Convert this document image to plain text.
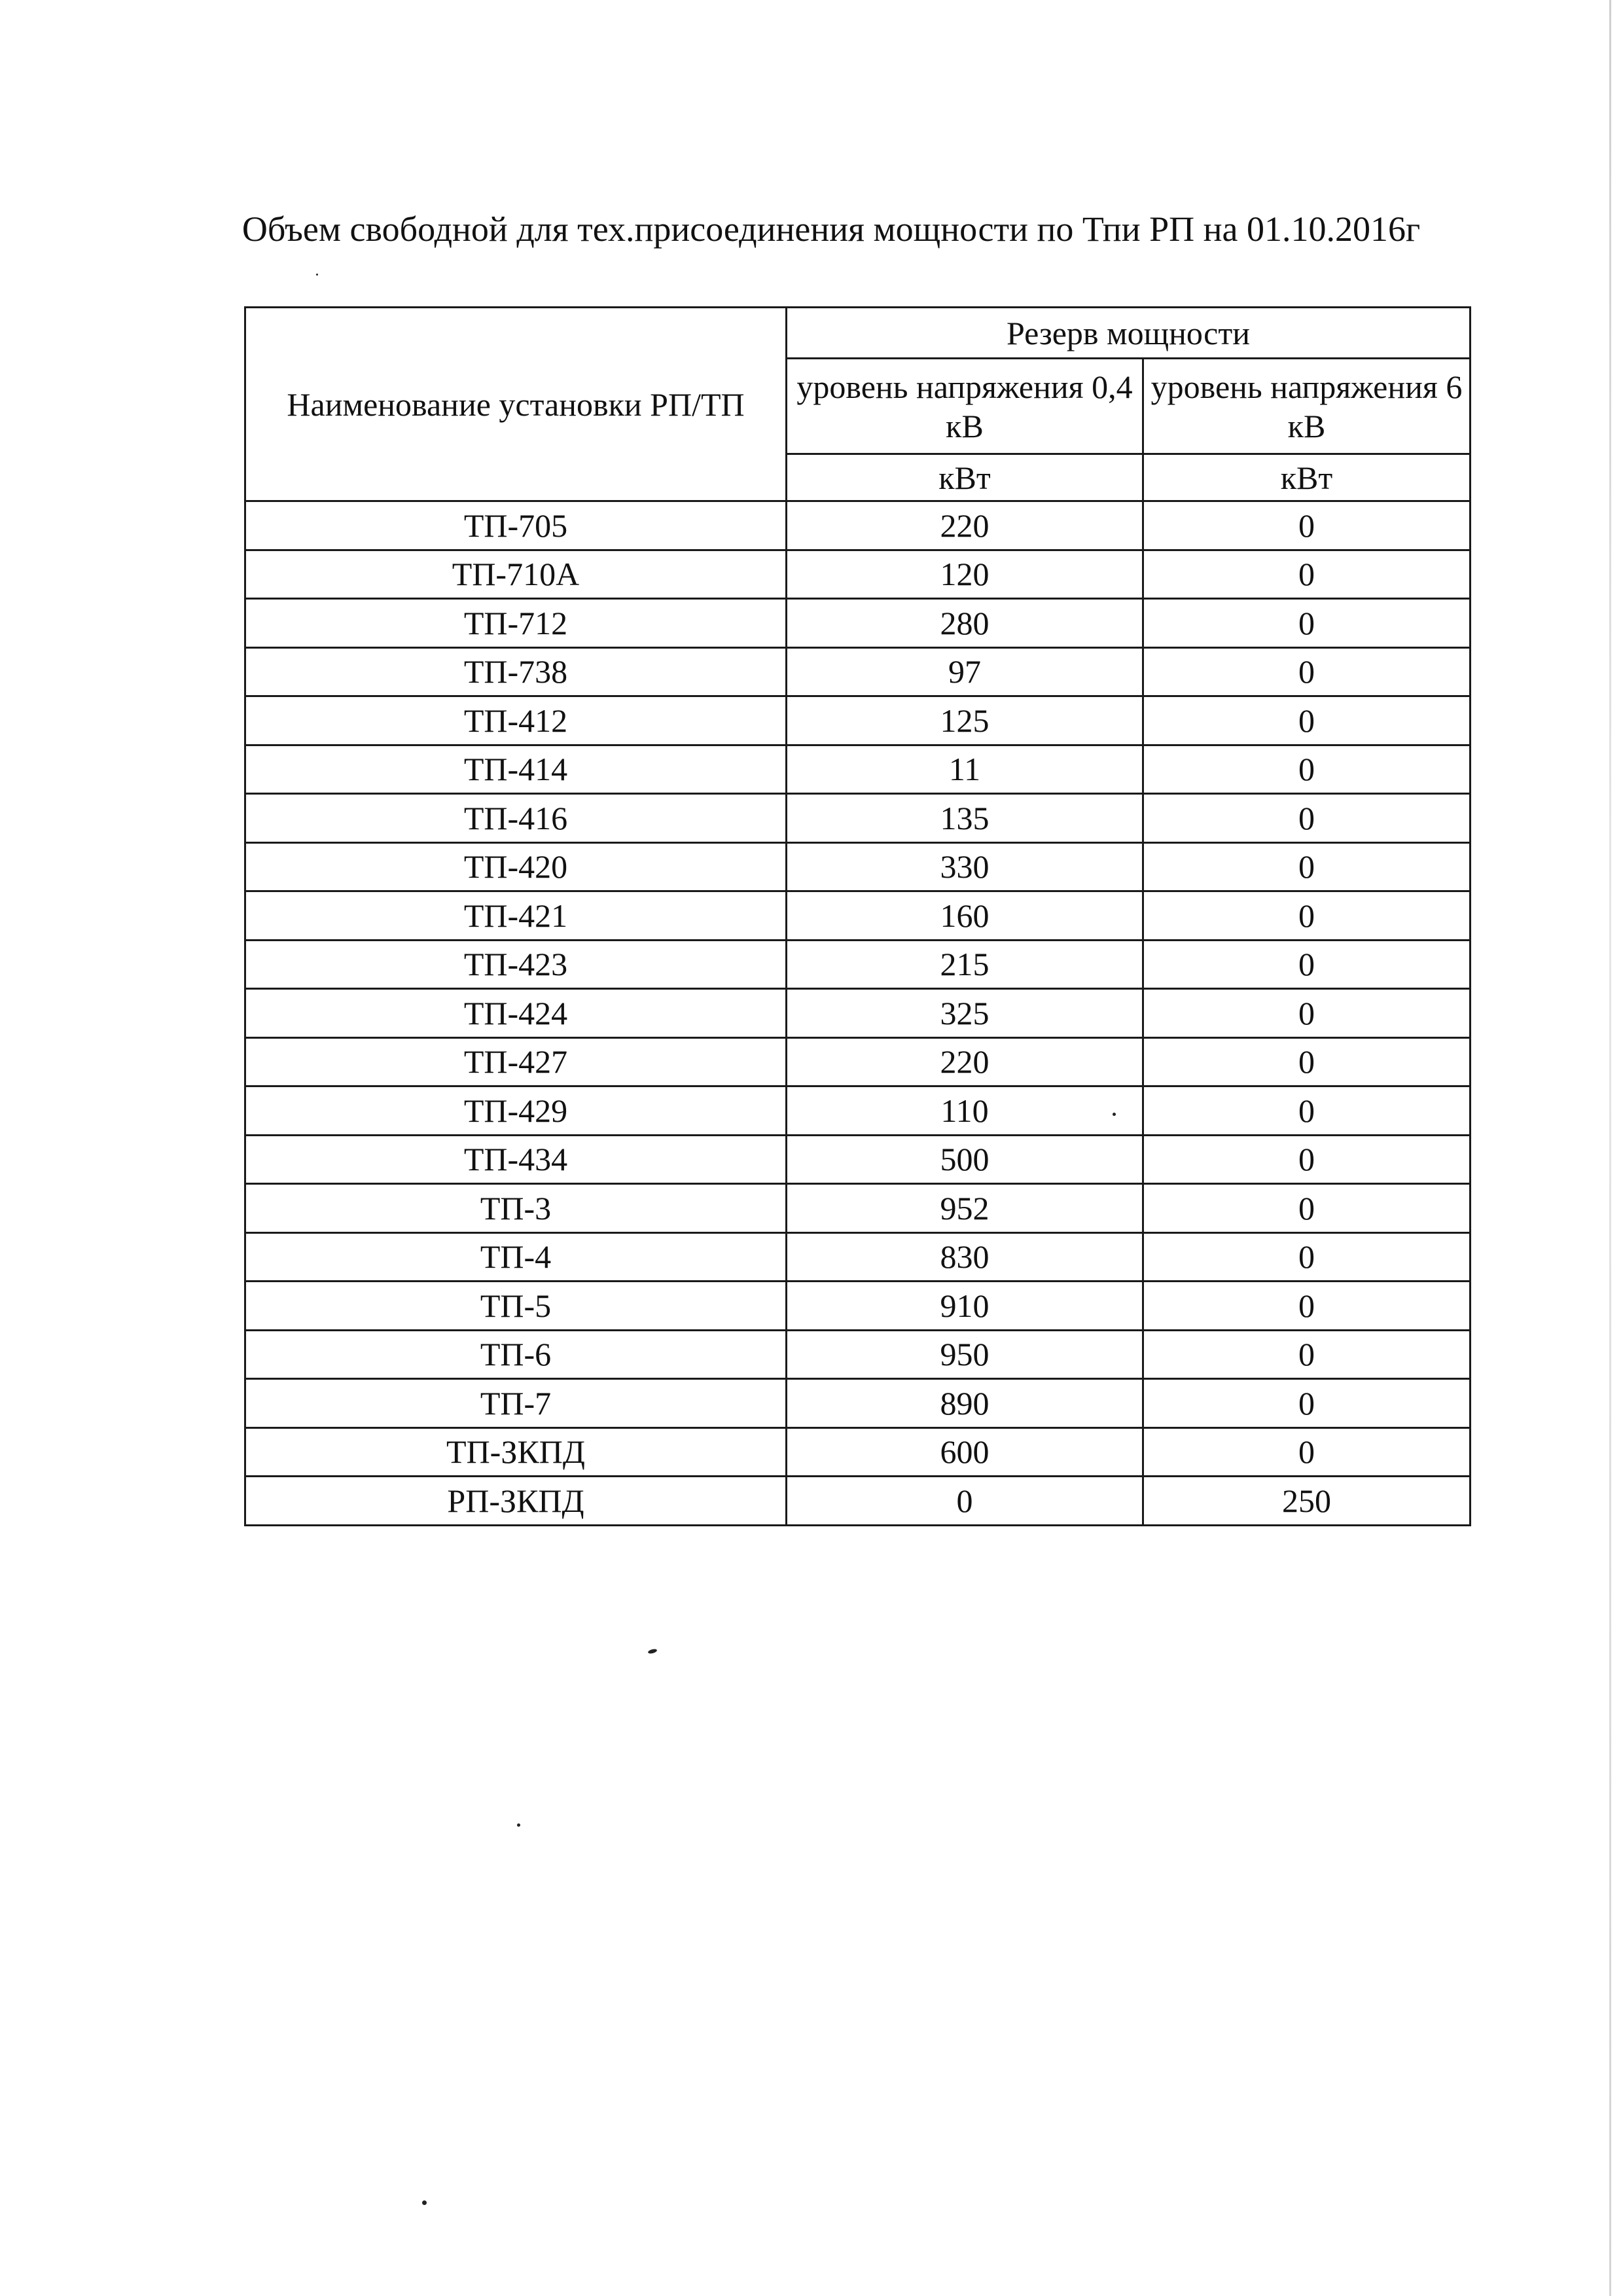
Объем свободной для тех.присоединения мощности по Тпи РП на 01.10.2016г
Наименование установки РП/ТП	Резерв мощности	
	уровень напряжения 0,4 кВ	уровень напряжения 6 кВ
	кВт	кВт
ТП-705	220	0
ТП-710А	120	0
ТП-712	280	0
ТП-738	97	0
ТП-412	125	0
ТП-414	11	0
ТП-416	135	0
ТП-420	330	0
ТП-421	160	0
ТП-423	215	0
ТП-424	325	0
ТП-427	220	0
ТП-429	110	0
ТП-434	500	0
ТП-3	952	0
ТП-4	830	0
ТП-5	910	0
ТП-6	950	0
ТП-7	890	0
ТП-ЗКПД	600	0
РП-ЗКПД	0	250
